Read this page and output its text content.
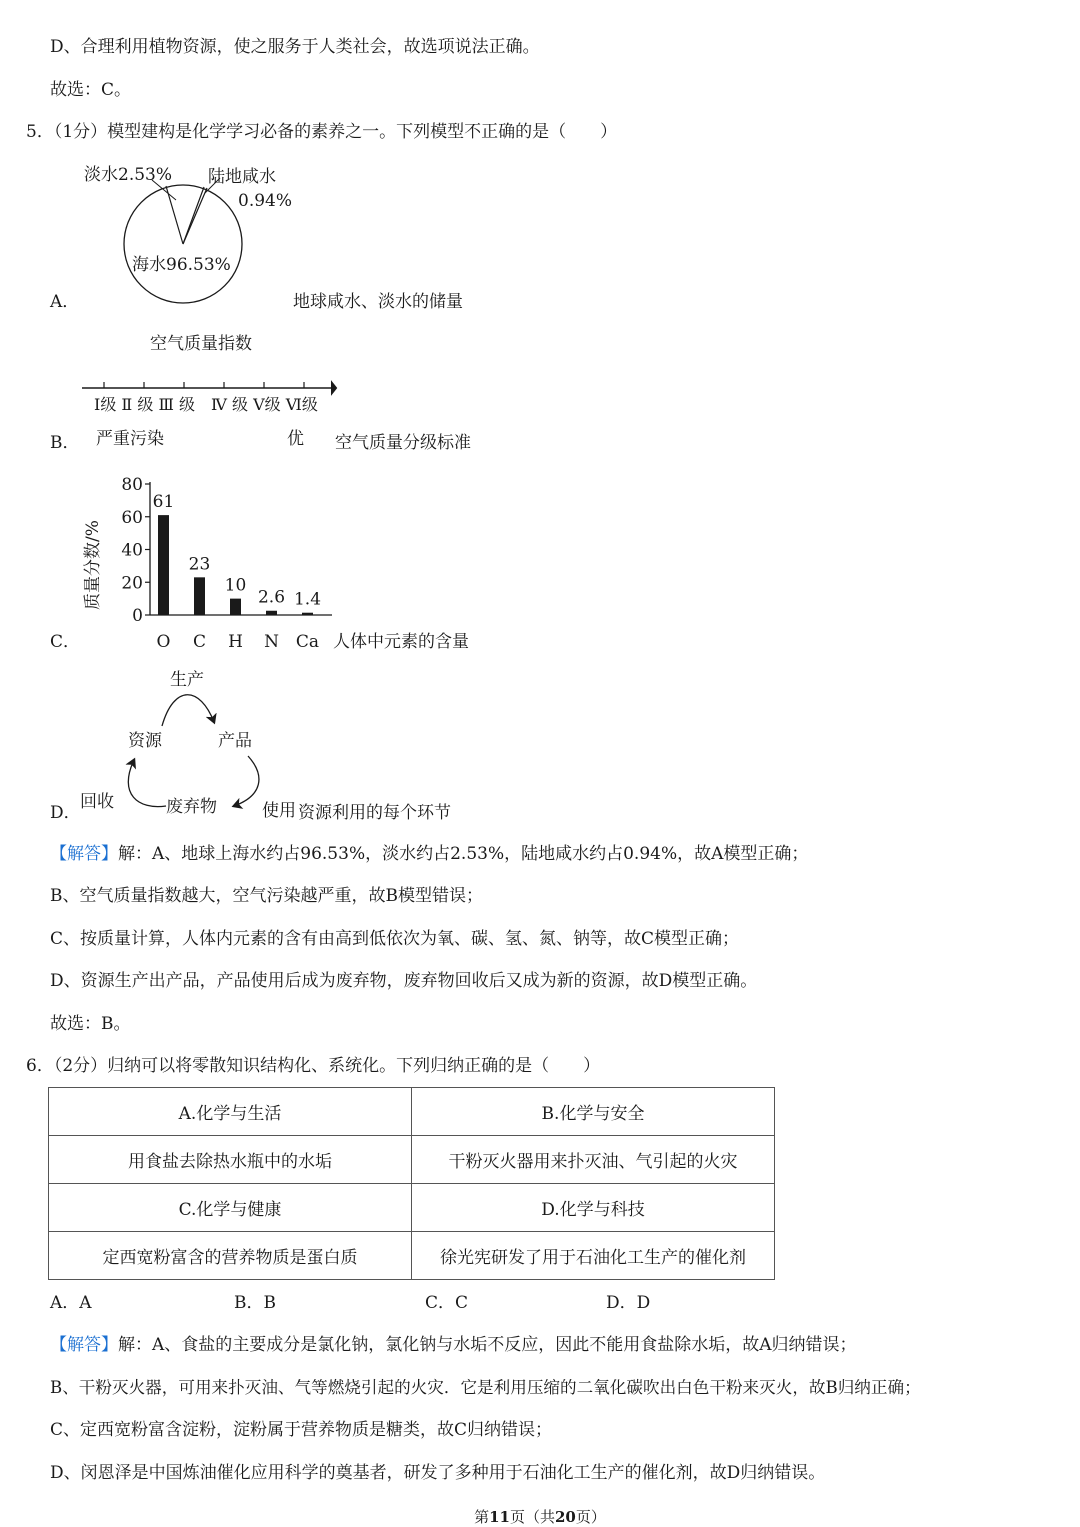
D、合理利用植物资源，使之服务于人类社会，故选项说法正确。
故选：C。
5．（1分）模型建构是化学学习必备的素养之一。下列模型不正确的是（　　）
A．
淡水2.53% 陆地咸水
0.94%
海水96.53%
地球咸水、淡水的储量
空气质量指数
Ⅰ级 Ⅱ 级 Ⅲ 级　Ⅳ 级 Ⅴ级 Ⅵ级
严重污染	优
B．	空气质量分级标准
0
20
40
60
80
61
O
23
C
10
H
2.6
N
1.4
Ca
质量分数/%
C．	人体中元素的含量
生产
资源	产品
回收	废弃物
D．	使用 资源利用的每个环节
【解答】解：A、地球上海水约占96.53%，淡水约占2.53%，陆地咸水约占0.94%，故A模型正确；
B、空气质量指数越大，空气污染越严重，故B模型错误；
C、按质量计算，人体内元素的含有由高到低依次为氧、碳、氢、氮、钠等，故C模型正确；
D、资源生产出产品，产品使用后成为废弃物，废弃物回收后又成为新的资源，故D模型正确。
故选：B。
6．（2分）归纳可以将零散知识结构化、系统化。下列归纳正确的是（　　）
A.化学与生活	B.化学与安全
用食盐去除热水瓶中的水垢	干粉灭火器用来扑灭油、气引起的火灾
C.化学与健康	D.化学与科技
定西宽粉富含的营养物质是蛋白质	徐光宪研发了用于石油化工生产的催化剂
A．A	B．B	C．C	D．D
【解答】解：A、食盐的主要成分是氯化钠，氯化钠与水垢不反应，因此不能用食盐除水垢，故A归纳错误；
B、干粉灭火器，可用来扑灭油、气等燃烧引起的火灾．它是利用压缩的二氧化碳吹出白色干粉来灭火，故B归纳正确；
C、定西宽粉富含淀粉，淀粉属于营养物质是糖类，故C归纳错误；
D、闵恩泽是中国炼油催化应用科学的奠基者，研发了多种用于石油化工生产的催化剂，故D归纳错误。
第11页（共20页）
